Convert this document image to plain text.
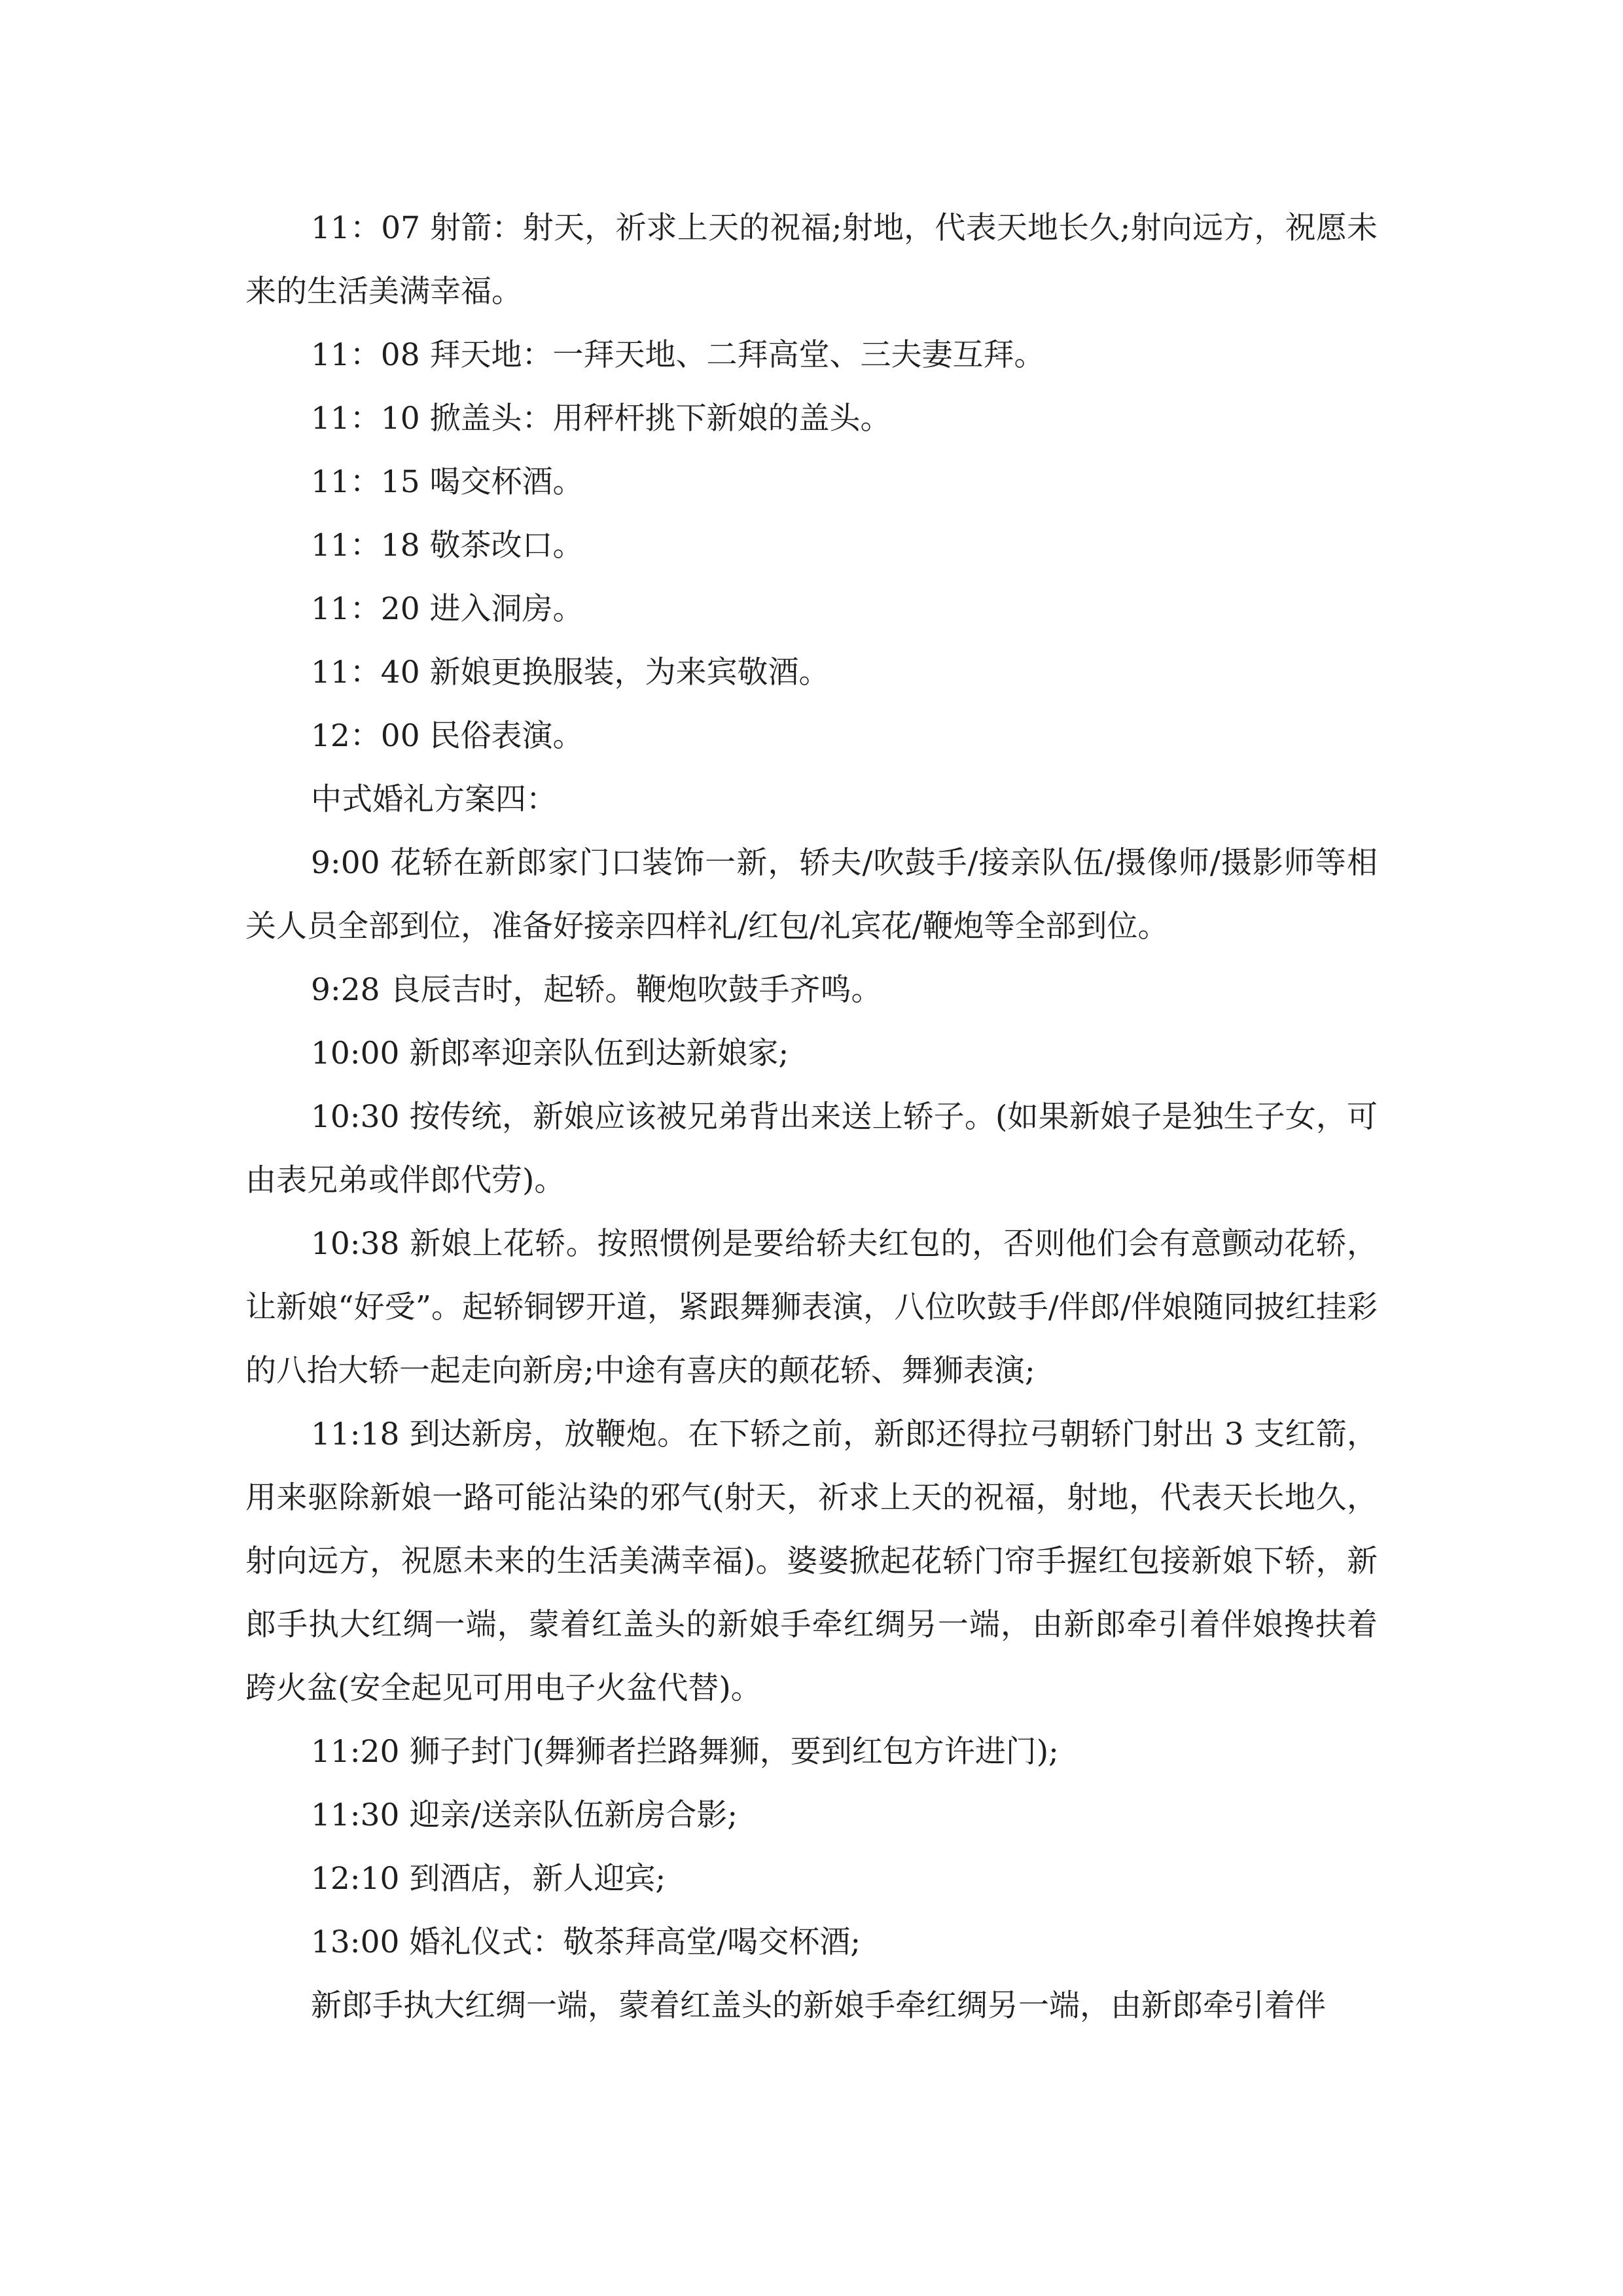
11：07 射箭：射天，祈求上天的祝福;射地，代表天地长久;射向远方，祝愿未来的生活美满幸福。

11：08 拜天地：一拜天地、二拜高堂、三夫妻互拜。

11：10 掀盖头：用秤杆挑下新娘的盖头。

11：15 喝交杯酒。

11：18 敬茶改口。

11：20 进入洞房。

11：40 新娘更换服装，为来宾敬酒。

12：00 民俗表演。

中式婚礼方案四：

9:00 花轿在新郎家门口装饰一新，轿夫/吹鼓手/接亲队伍/摄像师/摄影师等相关人员全部到位，准备好接亲四样礼/红包/礼宾花/鞭炮等全部到位。

9:28 良辰吉时，起轿。鞭炮吹鼓手齐鸣。

10:00 新郎率迎亲队伍到达新娘家;

10:30 按传统，新娘应该被兄弟背出来送上轿子。(如果新娘子是独生子女，可由表兄弟或伴郎代劳)。

10:38 新娘上花轿。按照惯例是要给轿夫红包的，否则他们会有意颤动花轿，让新娘“好受”。起轿铜锣开道，紧跟舞狮表演，八位吹鼓手/伴郎/伴娘随同披红挂彩的八抬大轿一起走向新房;中途有喜庆的颠花轿、舞狮表演;

11:18 到达新房，放鞭炮。在下轿之前，新郎还得拉弓朝轿门射出 3 支红箭，用来驱除新娘一路可能沾染的邪气(射天，祈求上天的祝福，射地，代表天长地久，射向远方，祝愿未来的生活美满幸福)。婆婆掀起花轿门帘手握红包接新娘下轿，新郎手执大红绸一端，蒙着红盖头的新娘手牵红绸另一端，由新郎牵引着伴娘搀扶着跨火盆(安全起见可用电子火盆代替)。

11:20 狮子封门(舞狮者拦路舞狮，要到红包方许进门);

11:30 迎亲/送亲队伍新房合影;

12:10 到酒店，新人迎宾;

13:00 婚礼仪式：敬茶拜高堂/喝交杯酒;

新郎手执大红绸一端，蒙着红盖头的新娘手牵红绸另一端，由新郎牵引着伴
